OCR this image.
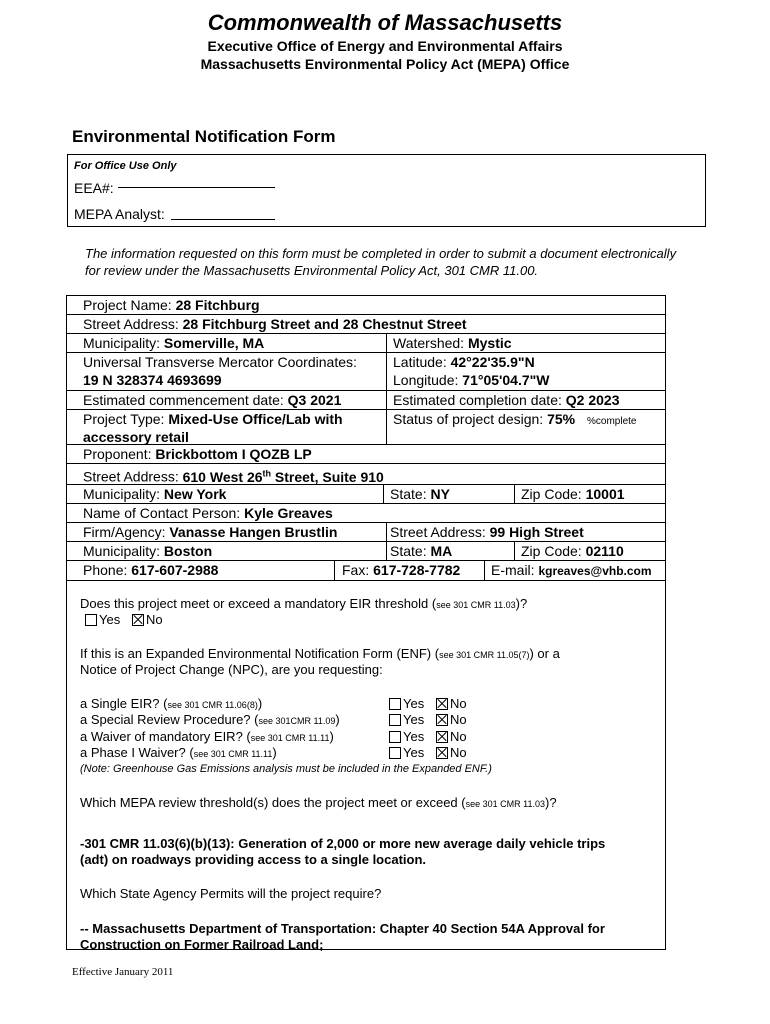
Commonwealth of Massachusetts
Executive Office of Energy and Environmental Affairs
Massachusetts Environmental Policy Act (MEPA) Office
Environmental Notification Form
For Office Use Only
EEA#:
MEPA Analyst:
The information requested on this form must be completed in order to submit a document electronically for review under the Massachusetts Environmental Policy Act, 301 CMR 11.00.
Project Name: 28 Fitchburg
Street Address: 28 Fitchburg Street and 28 Chestnut Street
Municipality: Somerville, MA	Watershed: Mystic
Universal Transverse Mercator Coordinates:
19 N 328374 4693699
Latitude: 42°22'35.9"N
Longitude: 71°05'04.7"W
Estimated commencement date: Q3 2021	Estimated completion date: Q2 2023
Project Type: Mixed-Use Office/Lab with
accessory retail
Status of project design: 75% %complete
Proponent: Brickbottom I QOZB LP
Street Address: 610 West 26th Street, Suite 910
Municipality: New York	State: NY	Zip Code: 10001
Name of Contact Person: Kyle Greaves
Firm/Agency: Vanasse Hangen Brustlin	Street Address: 99 High Street
Municipality: Boston	State: MA	Zip Code: 02110
Phone: 617-607-2988	Fax: 617-728-7782 E-mail: kgreaves@vhb.com
Does this project meet or exceed a mandatory EIR threshold (see 301 CMR 11.03)?
Yes No
If this is an Expanded Environmental Notification Form (ENF) (see 301 CMR 11.05(7)) or a
Notice of Project Change (NPC), are you requesting:
a Single EIR? (see 301 CMR 11.06(8))	Yes No
a Special Review Procedure? (see 301CMR 11.09)	Yes No
a Waiver of mandatory EIR? (see 301 CMR 11.11)	Yes No
a Phase I Waiver? (see 301 CMR 11.11)	Yes No
(Note: Greenhouse Gas Emissions analysis must be included in the Expanded ENF.)
Which MEPA review threshold(s) does the project meet or exceed (see 301 CMR 11.03)?
-301 CMR 11.03(6)(b)(13): Generation of 2,000 or more new average daily vehicle trips
(adt) on roadways providing access to a single location.
Which State Agency Permits will the project require?
-- Massachusetts Department of Transportation: Chapter 40 Section 54A Approval for
Construction on Former Railroad Land;
Effective January 2011
